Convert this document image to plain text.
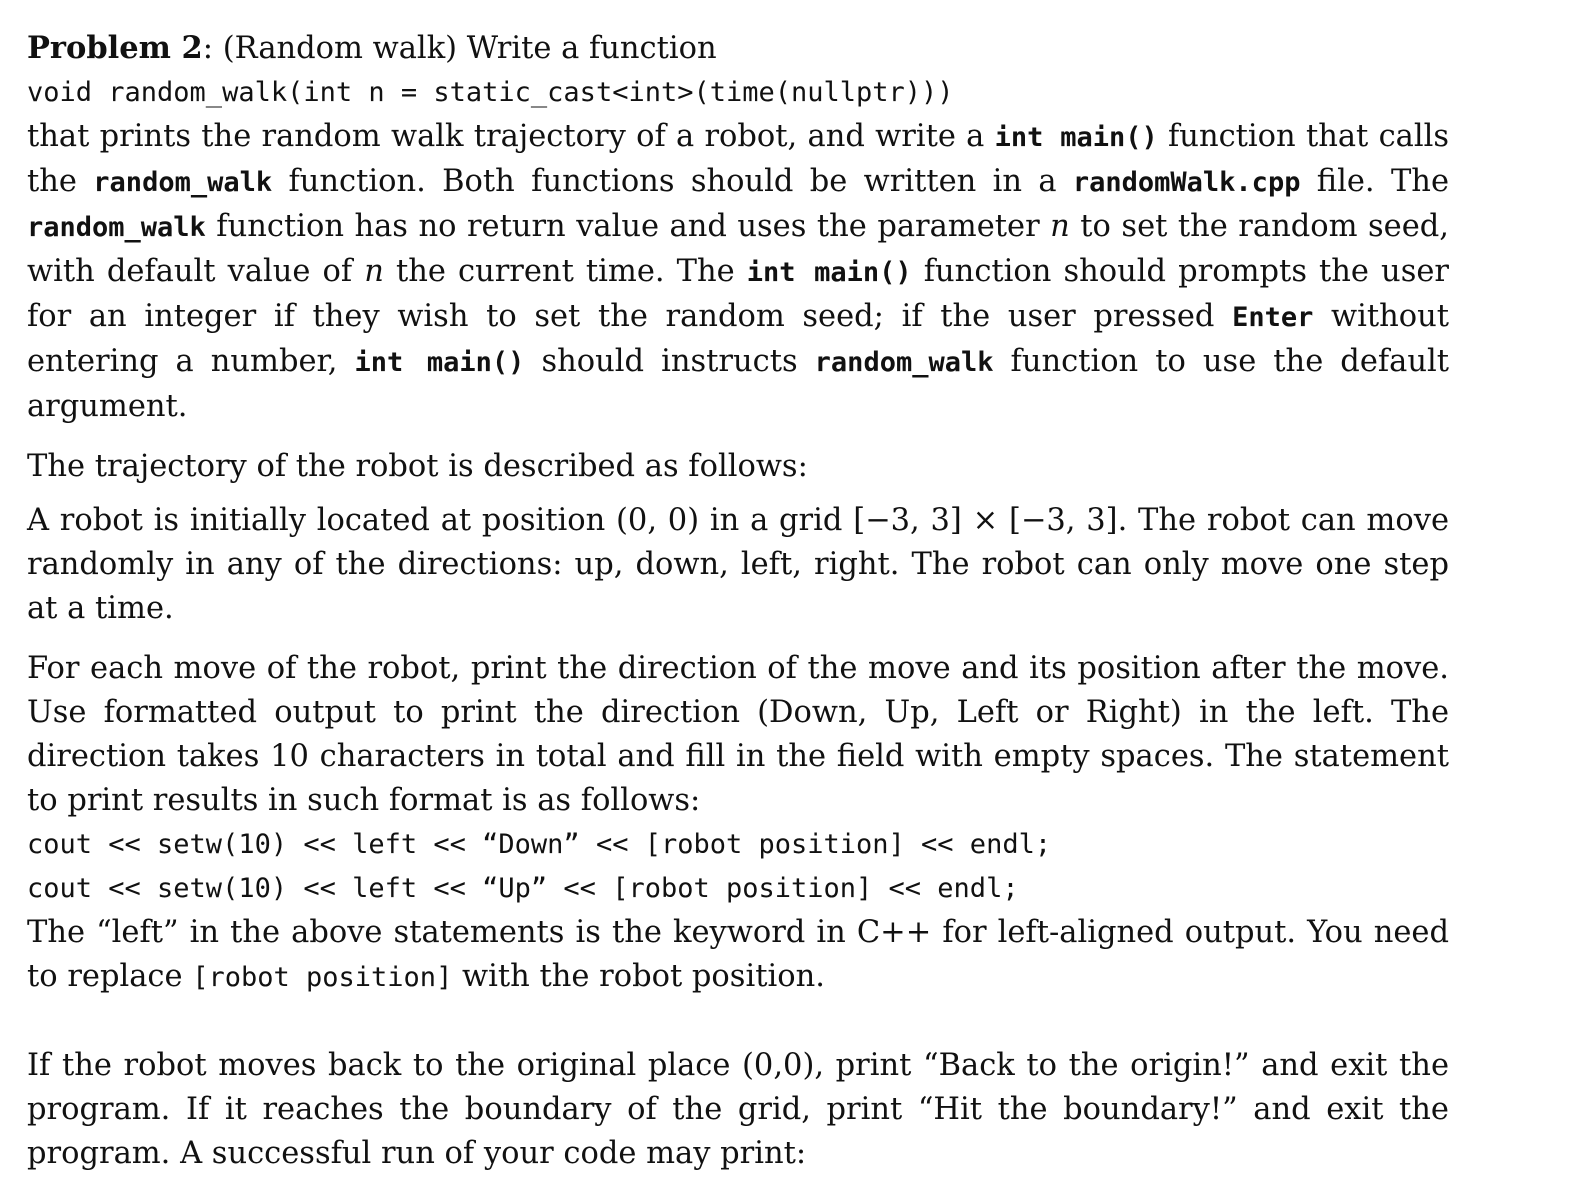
Problem 2: (Random walk) Write a function

void random_walk(int n = static_cast<int>(time(nullptr)))

that prints the random walk trajectory of a robot, and write a int main() function that calls the random_walk function. Both functions should be written in a randomWalk.cpp file. The random_walk function has no return value and uses the parameter n to set the random seed, with default value of n the current time. The int main() function should prompts the user for an integer if they wish to set the random seed; if the user pressed Enter without entering a number, int main() should instructs random_walk function to use the default argument.

The trajectory of the robot is described as follows:

A robot is initially located at position (0, 0) in a grid [−3, 3] × [−3, 3]. The robot can move randomly in any of the directions: up, down, left, right. The robot can only move one step at a time.

For each move of the robot, print the direction of the move and its position after the move. Use formatted output to print the direction (Down, Up, Left or Right) in the left. The direction takes 10 characters in total and fill in the field with empty spaces. The statement to print results in such format is as follows:

cout << setw(10) << left << “Down” << [robot position] << endl;

cout << setw(10) << left << “Up” << [robot position] << endl;

The “left” in the above statements is the keyword in C++ for left-aligned output. You need to replace [robot position] with the robot position.

If the robot moves back to the original place (0,0), print “Back to the origin!” and exit the program. If it reaches the boundary of the grid, print “Hit the boundary!” and exit the program. A successful run of your code may print:
